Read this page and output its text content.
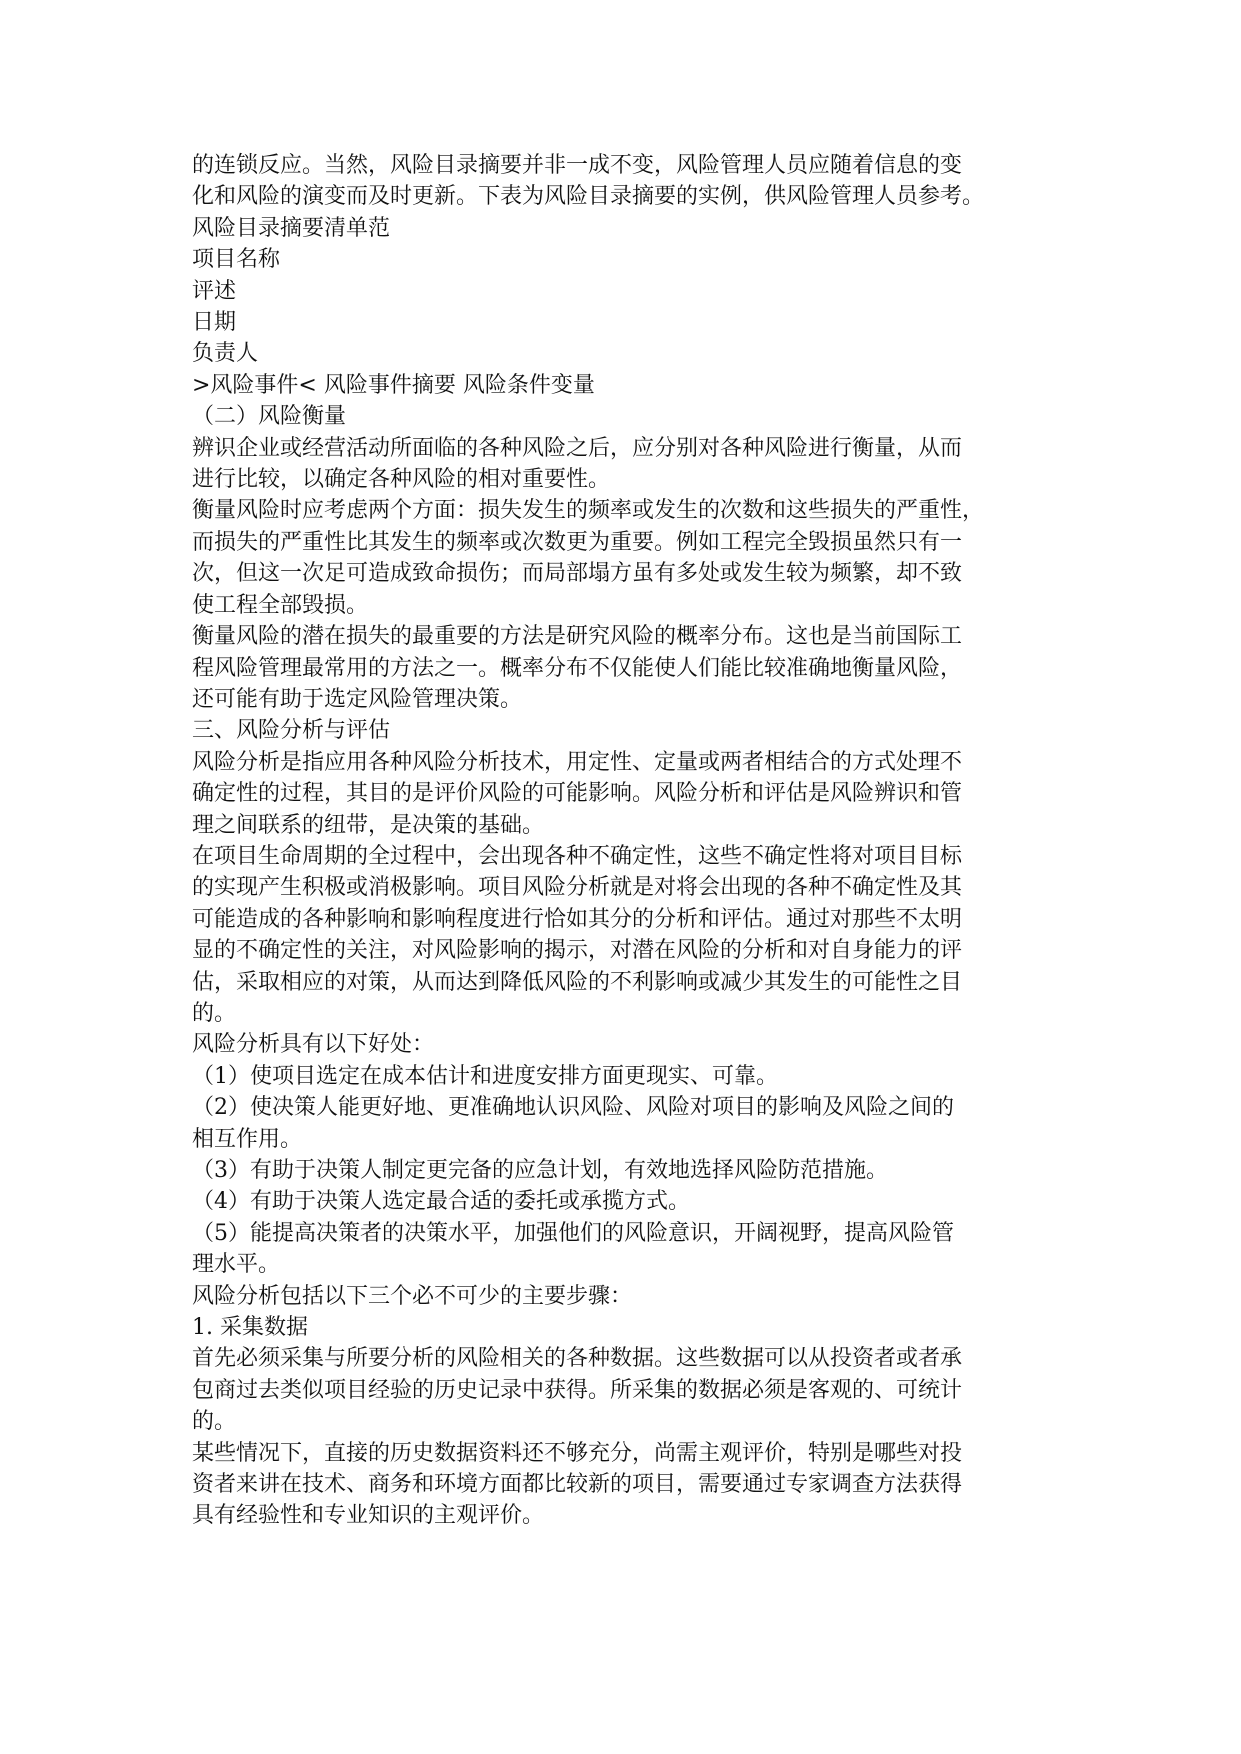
的连锁反应。当然，风险目录摘要并非一成不变，风险管理人员应随着信息的变
化和风险的演变而及时更新。下表为风险目录摘要的实例，供风险管理人员参考。
风险目录摘要清单范
项目名称
评述
日期
负责人
>风险事件< 风险事件摘要 风险条件变量
（二）风险衡量
辨识企业或经营活动所面临的各种风险之后，应分别对各种风险进行衡量，从而
进行比较，以确定各种风险的相对重要性。
衡量风险时应考虑两个方面：损失发生的频率或发生的次数和这些损失的严重性，
而损失的严重性比其发生的频率或次数更为重要。例如工程完全毁损虽然只有一
次，但这一次足可造成致命损伤；而局部塌方虽有多处或发生较为频繁，却不致
使工程全部毁损。
衡量风险的潜在损失的最重要的方法是研究风险的概率分布。这也是当前国际工
程风险管理最常用的方法之一。概率分布不仅能使人们能比较准确地衡量风险，
还可能有助于选定风险管理决策。
三、风险分析与评估
风险分析是指应用各种风险分析技术，用定性、定量或两者相结合的方式处理不
确定性的过程，其目的是评价风险的可能影响。风险分析和评估是风险辨识和管
理之间联系的纽带，是决策的基础。
在项目生命周期的全过程中，会出现各种不确定性，这些不确定性将对项目目标
的实现产生积极或消极影响。项目风险分析就是对将会出现的各种不确定性及其
可能造成的各种影响和影响程度进行恰如其分的分析和评估。通过对那些不太明
显的不确定性的关注，对风险影响的揭示，对潜在风险的分析和对自身能力的评
估，采取相应的对策，从而达到降低风险的不利影响或减少其发生的可能性之目
的。
风险分析具有以下好处：
（1）使项目选定在成本估计和进度安排方面更现实、可靠。
（2）使决策人能更好地、更准确地认识风险、风险对项目的影响及风险之间的
相互作用。
（3）有助于决策人制定更完备的应急计划，有效地选择风险防范措施。
（4）有助于决策人选定最合适的委托或承揽方式。
（5）能提高决策者的决策水平，加强他们的风险意识，开阔视野，提高风险管
理水平。
风险分析包括以下三个必不可少的主要步骤：
1. 采集数据
首先必须采集与所要分析的风险相关的各种数据。这些数据可以从投资者或者承
包商过去类似项目经验的历史记录中获得。所采集的数据必须是客观的、可统计
的。
某些情况下，直接的历史数据资料还不够充分，尚需主观评价，特别是哪些对投
资者来讲在技术、商务和环境方面都比较新的项目，需要通过专家调查方法获得
具有经验性和专业知识的主观评价。
